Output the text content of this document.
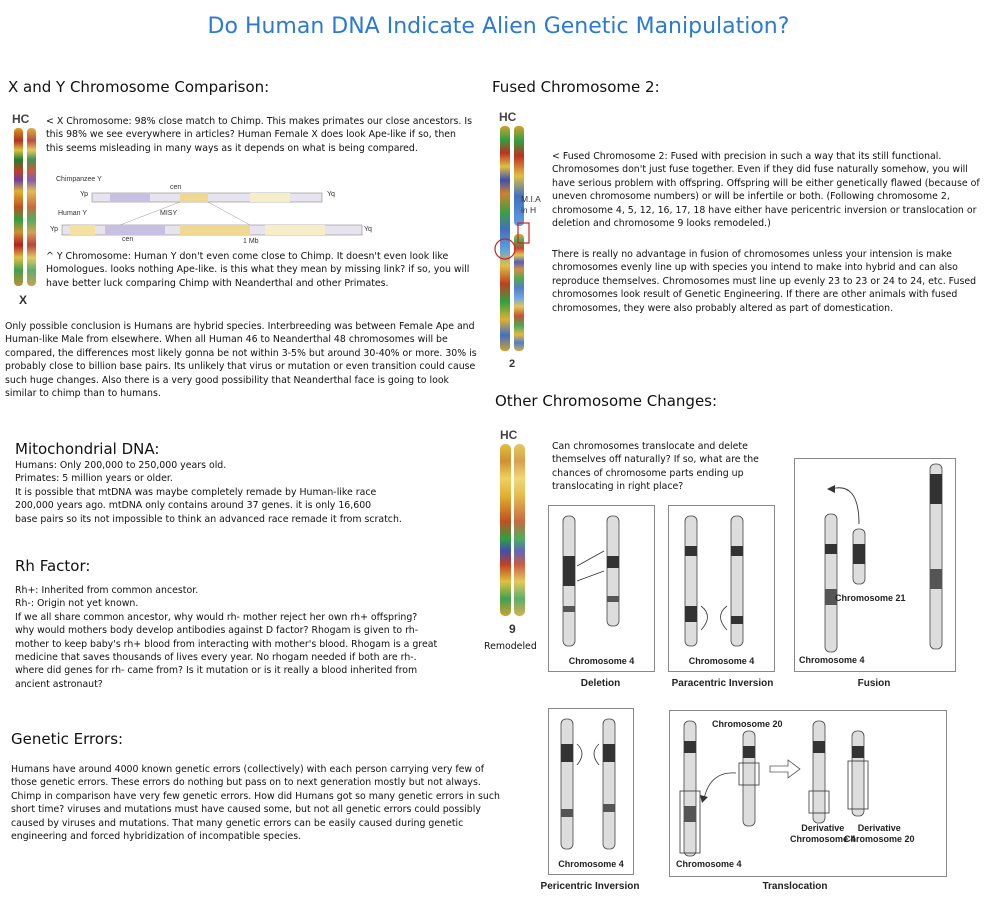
Do Human DNA Indicate Alien Genetic Manipulation?
X and Y Chromosome Comparison:
HC
X
< X Chromosome: 98% close match to Chimp. This makes primates our close ancestors. Is this 98% we see everywhere in articles? Human Female X does look Ape-like if so, then this seems misleading in many ways as it depends on what is being compared.
Chimpanzee Y
cen
Yp	Yq
Human Y	MISY
Yp	Yq
cen	1 Mb
^ Y Chromosome: Human Y don't even come close to Chimp. It doesn't even look like Homologues. looks nothing Ape-like. is this what they mean by missing link? if so, you will have better luck comparing Chimp with Neanderthal and other Primates.
Only possible conclusion is Humans are hybrid species. Interbreeding was between Female Ape and Human-like Male from elsewhere. When all Human 46 to Neanderthal 48 chromosomes will be compared, the differences most likely gonna be not within 3-5% but around 30-40% or more. 30% is probably close to billion base pairs. Its unlikely that virus or mutation or even transition could cause such huge changes. Also there is a very good possibility that Neanderthal face is going to look similar to chimp than to humans.
Mitochondrial DNA:

Humans: Only 200,000 to 250,000 years old.

Primates: 5 million years or older.

It is possible that mtDNA was maybe completely remade by Human-like race

200,000 years ago. mtDNA only contains around 37 genes. it is only 16,600

base pairs so its not impossible to think an advanced race remade it from scratch.

Rh Factor:

Rh+: Inherited from common ancestor.

Rh-: Origin not yet known.

If we all share common ancestor, why would rh- mother reject her own rh+ offspring?

why would mothers body develop antibodies against D factor? Rhogam is given to rh-

mother to keep baby's rh+ blood from interacting with mother's blood. Rhogam is a great

medicine that saves thousands of lives every year. No rhogam needed if both are rh-.

where did genes for rh- came from? Is it mutation or is it really a blood inherited from

ancient astronaut?

Genetic Errors:
Humans have around 4000 known genetic errors (collectively) with each person carrying very few of those genetic errors. These errors do nothing but pass on to next generation mostly but not always. Chimp in comparison have very few genetic errors. How did Humans got so many genetic errors in such short time? viruses and mutations must have caused some, but not all genetic errors could possibly caused by viruses and mutations. That many genetic errors can be easily caused during genetic engineering and forced hybridization of incompatible species.
Fused Chromosome 2:
HC
M.I.A
in H
2
< Fused Chromosome 2: Fused with precision in such a way that its still functional. Chromosomes don't just fuse together. Even if they did fuse naturally somehow, you will have serious problem with offspring. Offspring will be either genetically flawed (because of uneven chromosome numbers) or will be infertile or both. (Following chromosome 2, chromosome 4, 5, 12, 16, 17, 18 have either have pericentric inversion or translocation or deletion and chromosome 9 looks remodeled.)
There is really no advantage in fusion of chromosomes unless your intension is make chromosomes evenly line up with species you intend to make into hybrid and can also reproduce themselves. Chromosomes must line up evenly 23 to 23 or 24 to 24, etc. Fused chromosomes look result of Genetic Engineering. If there are other animals with fused chromosomes, they were also probably altered as part of domestication.
Other Chromosome Changes:
HC
9
Remodeled
Can chromosomes translocate and delete themselves off naturally? If so, what are the chances of chromosome parts ending up translocating in right place?
Chromosome 4
Deletion
Chromosome 4
Paracentric Inversion
Chromosome 21
Chromosome 4
Fusion
Chromosome 4
Pericentric Inversion
Chromosome 20
Derivative
Chromosome 4
Derivative
Chromosome 20
Chromosome 4
Translocation
